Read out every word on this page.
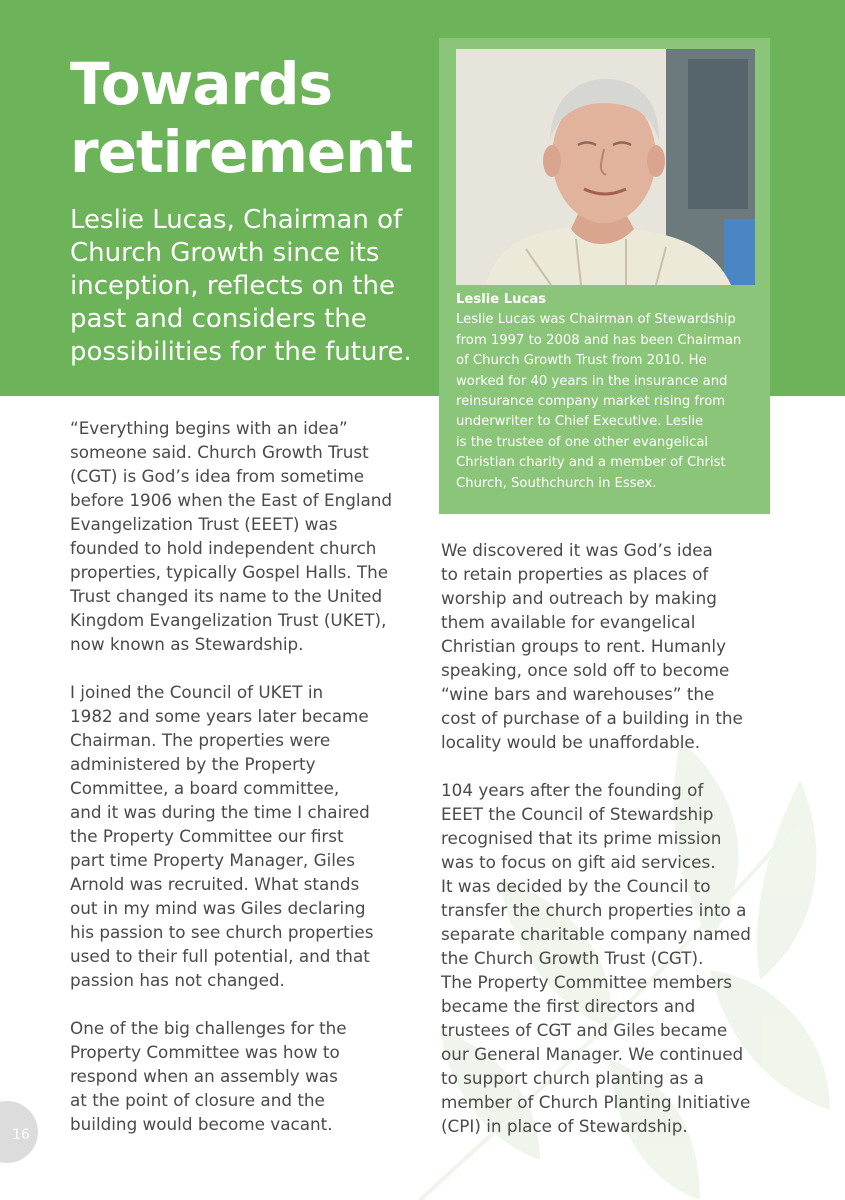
Towards
retirement
Leslie Lucas, Chairman of
Church Growth since its
inception, reflects on the
past and considers the
possibilities for the future.
Leslie Lucas
Leslie Lucas was Chairman of Stewardship
from 1997 to 2008 and has been Chairman
of Church Growth Trust from 2010. He
worked for 40 years in the insurance and
reinsurance company market rising from
underwriter to Chief Executive. Leslie
is the trustee of one other evangelical
Christian charity and a member of Christ
Church, Southchurch in Essex.

“Everything begins with an idea”
someone said. Church Growth Trust
(CGT) is God’s idea from sometime
before 1906 when the East of England
Evangelization Trust (EEET) was
founded to hold independent church
properties, typically Gospel Halls. The
Trust changed its name to the United
Kingdom Evangelization Trust (UKET),
now known as Stewardship.

I joined the Council of UKET in
1982 and some years later became
Chairman. The properties were
administered by the Property
Committee, a board committee,
and it was during the time I chaired
the Property Committee our first
part time Property Manager, Giles
Arnold was recruited. What stands
out in my mind was Giles declaring
his passion to see church properties
used to their full potential, and that
passion has not changed.

One of the big challenges for the
Property Committee was how to
respond when an assembly was
at the point of closure and the
building would become vacant.

We discovered it was God’s idea
to retain properties as places of
worship and outreach by making
them available for evangelical
Christian groups to rent. Humanly
speaking, once sold off to become
“wine bars and warehouses” the
cost of purchase of a building in the
locality would be unaffordable.

104 years after the founding of
EEET the Council of Stewardship
recognised that its prime mission
was to focus on gift aid services.
It was decided by the Council to
transfer the church properties into a
separate charitable company named
the Church Growth Trust (CGT).
The Property Committee members
became the first directors and
trustees of CGT and Giles became
our General Manager. We continued
to support church planting as a
member of Church Planting Initiative
(CPI) in place of Stewardship.

16
